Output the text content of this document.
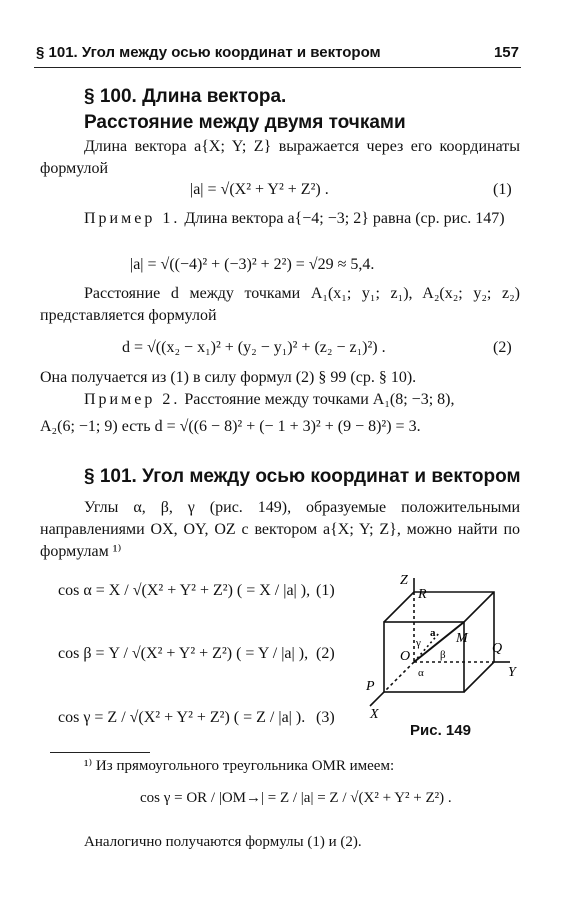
§ 101. Угол между осью координат и вектором	157
§ 100. Длина вектора.
Расстояние между двумя точками
Длина вектора a{X; Y; Z} выражается через его координаты формулой
|a| = √(X² + Y² + Z²) .	(1)
Пример 1. Длина вектора a{−4; −3; 2} равна (ср. рис. 147)
|a| = √((−4)² + (−3)² + 2²) = √29 ≈ 5,4.
Расстояние d между точками A₁(x₁; y₁; z₁), A₂(x₂; y₂; z₂) представляется формулой
d = √((x₂ − x₁)² + (y₂ − y₁)² + (z₂ − z₁)²) .	(2)
Она получается из (1) в силу формул (2) § 99 (ср. § 10).
Пример 2. Расстояние между точками A₁(8; −3; 8),
A₂(6; −1; 9) есть d = √((6 − 8)² + (− 1 + 3)² + (9 − 8)²) = 3.
§ 101. Угол между осью координат и вектором
Углы α, β, γ (рис. 149), образуемые положительными направлениями OX, OY, OZ с вектором a{X; Y; Z}, можно найти по формулам ¹⁾
cos α = X / √(X² + Y² + Z²) ( = X / |a| ), (1)
cos β = Y / √(X² + Y² + Z²) ( = Y / |a| ), (2)
cos γ = Z / √(X² + Y² + Z²) ( = Z / |a| ). (3)
Z
R
M
Q
Y
O
P
X
γ
β
α
a
Рис. 149
¹⁾ Из прямоугольного треугольника OMR имеем:
cos γ = OR / |OM→| = Z / |a| = Z / √(X² + Y² + Z²) .
Аналогично получаются формулы (1) и (2).
